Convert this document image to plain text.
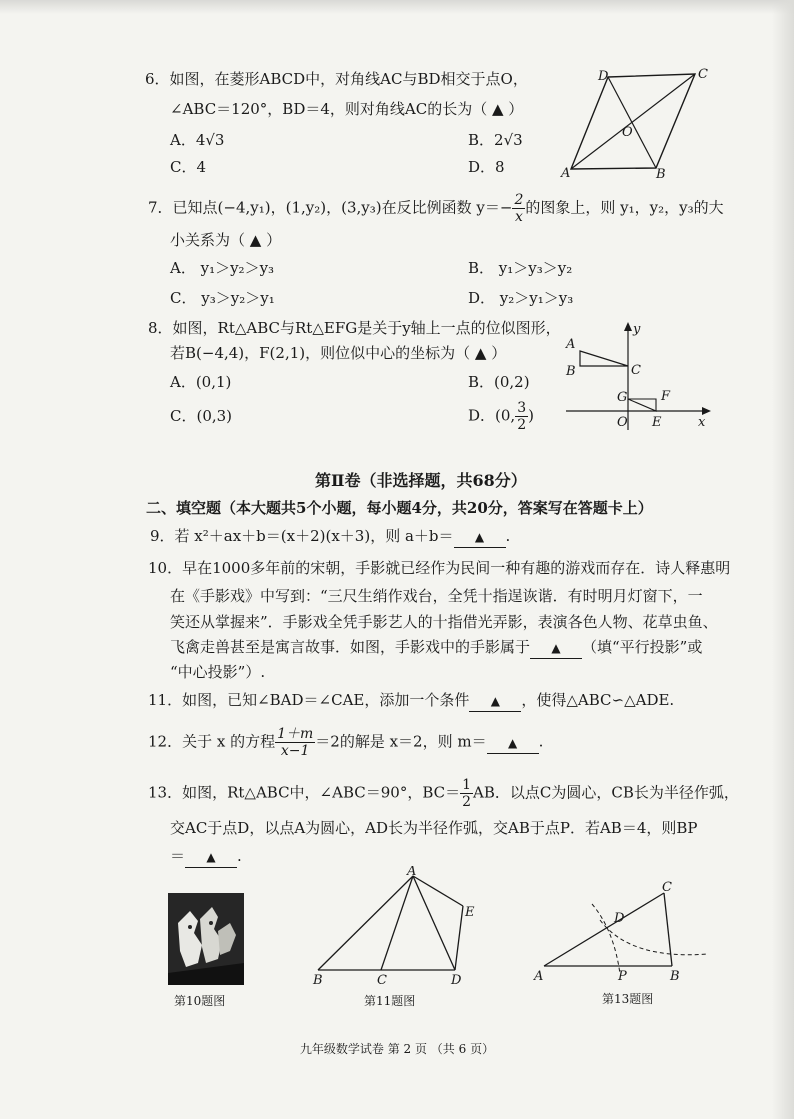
6．如图，在菱形ABCD中，对角线AC与BD相交于点O，
∠ABC＝120°，BD＝4，则对角线AC的长为（ ▲ ）
A．4√3	B．2√3
C．4	D．8
D	C
O
A	B
7．已知点(−4,y₁)，(1,y₂)，(3,y₃)在反比例函数 $y=- \frac{2}{x}$ 的图象上，则 y₁，y₂，y₃的大
小关系为（ ▲ ）
A． y₁＞y₂＞y₃	B． y₁＞y₃＞y₂
C． y₃＞y₂＞y₁	D． y₂＞y₁＞y₃
8．如图，Rt△ABC与Rt△EFG是关于y轴上一点的位似图形，
若B(−4,4)，F(2,1)，则位似中心的坐标为（ ▲ ）
A．(0,1)	B．(0,2)
C．(0,3)	D．(0, $\frac{3}{2}$ )
y
A
B	C
G	F
O E	x
第Ⅱ卷（非选择题，共68分）
二、填空题（本大题共5个小题，每小题4分，共20分，答案写在答题卡上）
9．若 x²＋ax＋b＝(x＋2)(x＋3)，则 a＋b＝ ▲ .
10．早在1000多年前的宋朝，手影就已经作为民间一种有趣的游戏而存在．诗人释惠明
在《手影戏》中写到：“三尺生绡作戏台，全凭十指逞诙谐．有时明月灯窗下，一
笑还从掌握来”．手影戏全凭手影艺人的十指借光弄影，表演各色人物、花草虫鱼、
飞禽走兽甚至是寓言故事．如图，手影戏中的手影属于 ▲ （填“平行投影”或
“中心投影”）.
11．如图，已知∠BAD＝∠CAE，添加一个条件 ▲ ，使得△ABC∽△ADE.
12．关于 x 的方程 $\frac{1+m}{x-1} =2$的解是 x＝2，则 m＝ ▲ .
13．如图，Rt△ABC中，∠ABC＝90°，$BC= \frac{1}{2}$ AB．以点C为圆心，CB长为半径作弧，
交AC于点D，以点A为圆心，AD长为半径作弧，交AB于点P．若AB＝4，则BP
＝ ▲ .
第10题图
A
E
B	C	D
第11题图
C
D
A	P	B
第13题图
九年级数学试卷 第 2 页 （共 6 页）
